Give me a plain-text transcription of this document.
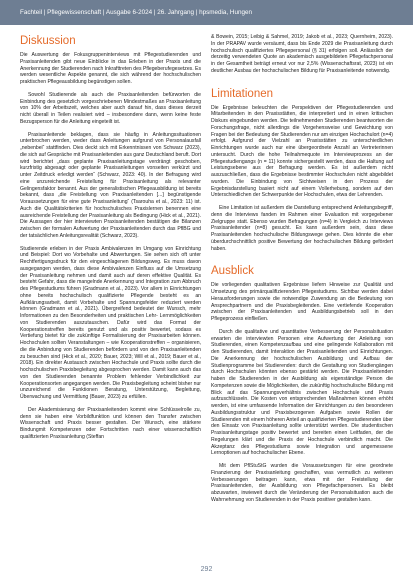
Fachteil | Pflegewissenschaft | Ausgabe 6-2024 | 26. Jahrgang | hpsmedia, Hungen
Diskussion

Die Auswertung der Fokusgruppeninterviews mit Pflegestudierenden und Praxisanleitenden gibt neue Einblicke in das Erleben in der Praxis und die Anerkennung der Studierenden nach Inkrafttreten des Pflegeberufegesetzes. Es werden wesentliche Aspekte genannt, die sich während der hochschulischen praktischen Pflegeausbildung begünstigen sollen.

Sowohl Studierende als auch die Praxisanleitenden befürworten die Einbindung des gesetzlich vorgeschriebenen Mindestmaßes an Praxisanleitung von 10% der Arbeitszeit, welches aber auch darauf hin, dass dieses derzeit nicht überall in Teilen realisiert wird – insbesondere dann, wenn keine feste Bezugsperson für die Anleitung eingeteilt ist.

Praxisanleitende beklagen, dass sie häufig in Anleitungssituationen unterbrochen werden, weder dass Anleitungen aufgrund von Personalausfall „nebenbei“ stattfinden. Dies deckt sich mit Erkenntnissen von Schwarz (2023), die sich auf Gespräche mit Praxisanleitenden aus ganz Deutschland beruft. Dort wird berichtet „dass geplante Praxisanleitungstage verdrängt geschoben, kurzfristig abgesagt oder geplante Praxisanleitungen vonseiten verkürzt und unter Zeitdruck erledigt werden“ (Schwarz, 2023: 40). In der Befragung wird eine unzureichende Freistellung für Praxisanleitung als relevanter Gelingensfaktor benannt. Aus der generalistischen Pflegeausbildung ist bereits bekannt, dass „die Freistellung von Praxisanleitenden [...] begünstigende Voraussetzungen für eine gute Praxisanleitung“ (Tsarouha et al., 2023: 11) ist. Auch die Qualitätskriterien für hochschulisches Praxislernen benennen eine ausreichende Freistellung der Praxisanleitung als Bedingung (Hick et al., 2021). Die Aussagen der hier interviewten Praxisanleitenden bestätigen die Bilanzen zwischen der formalen Aufwertung der Praxisanleitenden durch das PflBG und der tatsächlichen Anleitungsrealität (Schwarz, 2023).

Studierende erleben in der Praxis Ambivalenzen im Umgang von Einrichtung und Beispiel: Dort wo Vorbehalte und Abwertungen. Sie sehen sich oft unter Rechtfertigungsdruck für den eingeschlagenen Bildungsweg. Es muss davon ausgegangen werden, dass diese Ambivalenzen Einfluss auf die Umsetzung der Praxisanleitung nehmen und damit auch auf deren effektive Qualität. Es besteht Gefahr, dass die mangelnde Anerkennung und Integration zum Abbruch des Pflegestudiums führen (Gradmann et al., 2023). Vor allem in Einrichtungen ohne bereits hochschulisch qualifizierte Pflegende besteht es an Aufklärungsarbeit, damit Vorbehalte und Spannungsfelder reduziert werden können (Gradmann et al., 2021). Übergreifend bedeutet der Wunsch, mehr Informationen zu den Besonderheiten und praktischen Lehr- Lernmöglichkeiten von Studierenden auszutauschen. Dafür wird das Format der Kooperationstreffen bereits genutzt und als positiv bewertet, sodass es Vertiefung bietet für die zukünftige Formalisierung der Praxisarbeiten können. Hochschulen sollten Veranstaltungen – wie Kooperationstreffen – organisieren, die die Anbindung von Studierenden befördern und von den Praxisanleitenden zu besuchen sind (Hick et al., 2020; Bauer, 2023; Will et al., 2019; Bauer et al., 2018). Ein direkter Austausch zwischen Hochschule und Praxis sollte durch die hochschulischen Praxisbegleitung abgesprochen werden. Damit kann auch das von den Studierenden benannte Problem fehlender Verbindlichkeit zur Kooperationsorten angegangen werden. Die Praxisbegleitung scheint bisher nur unzureichend die Funktionen Beratung, Unterstützung, Begleitung, Überwachung und Vermittlung (Bauer, 2023) zu erfüllen.

Der Akademisierung der Praxisanleitenden kommt eine Schlüsselrolle zu, denn sie haben eine Vorbildfunktion und können den Transfer zwischen Wissenschaft und Praxis besser gestalten. Der Wunsch, eine stärkere Bindungmit Kompetenzen oder Fortschritten nach einer wissenschaftlich qualifizierten Praxisanleitung (Steffan

& Bowein, 2015; Leibig & Sahmel, 2019; Jakob et al., 2023; Quernheim, 2023). In der PRAPAV wurde versäumt, dass bis Ende 2029 die Praxisanleitung durch hochschulisch qualifiziertes Pflegepersonal (§ 31) erfolgen soll. Anlässlich der derzeitig verwendeten Quote an akademisch ausgebildeten Pflegefachpersonal in der Gesamtheit beträgt erneut vor nur 2,5% (Wissenschaftsrat, 2023) ist ein deutlicher Ausbau der hochschulischen Bildung für Praxisanleitende notwendig.

Limitationen

Die Ergebnisse beleuchten die Perspektiven der Pflegestudierenden und Mitarbeitenden in den Praxisstätten, die interpretiert und in einen kritischen Diskurs eingebunden werden. Die teilnehmenden Studierenden beantworten die Forschungsfrage, nicht allerdings die Vorgehensweise und Gewichtung von Fragen bei der Bedeutung der Studierenden nur am einzigen Hochschulort (n=4) erfolgt. Aufgrund der Vielzahl an Praxisstätten zu unterschiedlichen Einrichtungen wurde auch nur eine übergeordnete Anzahl an Vertreterinnen untersucht. Durch die hohe Teilnahmequote im Interviewprozess an der Pflegestudiengangs (n = 11) konnte sichergestellt werden, dass die Haltung auf Leistungsebene aus der Befragung werden. Es ist außerdem nicht auszuschließen, dass die Ergebnisse bestimmter Hochschulen nicht abgebildet wurden. Die Einbindung von Sichtweisen in den Prozess der Ergebnisdarstellung basiert nicht auf einem Vollerhebung, sondern auf den Unterschiedlichen der Schwerpunkte der Hochschulen, etwa der Lehrenden.

Eine Limitation ist außerdem die Darstellung entsprechend Anleitungsbegriff, denn die Interviews fanden im Rahmen einer Evaluation mit vorgegebener Zielgruppe statt. Ebenso wurden Befragungen (n=4) in Vergleich zu Interviews Praxisanleitender (n=8) gesucht. Es kann außerdem sein, dass diese Praxisanleitenden hochschulische Bildungswege gehen. Dies könnte die eher überdurchschnittlich positive Bewertung der hochschulischen Bildung gefördert haben.

Ausblick

Die vorliegenden qualitativen Ergebnisse liefern Hinweise zur Qualität und Umsetzung des primärqualifizierenden Pflegestudiums. Sichtbar werden dabei Herausforderungen sowie die notwendige Zuwendung an die Bedeutung von Ansprechpartnern und die Praxisbegleitenden. Eine vertiefende Kooperation zwischen der Praxisanleitenden und Ausbildungsbetrieb soll in den Pflegeprozess einfließen.

Durch die qualitative und quantitative Verbesserung der Personalsituation erwarten die interviewten Personen eine Aufwertung der Anleitung von Studierenden, einen Kompetenzaufbau und eine gelingende Kollaboration mit den Studierenden, damit Interaktion der Praxisanleitenden und Einrichtungen. Die Anerkennung der hochschulischen Ausbildung und Aufbau der Studienprogramme bei Studierenden: durch die Gestaltung von Studiengängen durch Hochschulen könnten ebenso gestärkt werden. Die Praxisanleitenden haben die Studierenden in der Ausbildung als eigenständige Person die Kompetenzen sowie die Möglichkeiten, die zukünftig hochschulische Bildung mit Blick auf das Spannungsverhältnis zwischen Hochschule und Praxis aufzuschlüsseln. Die Kosten von entsprechenden Maßnahmen können erhöht werden, ist eine umfassende Information der Einrichtungen zu den besonderen Ausbildungsstruktur und Praxisbezogenen Aufgaben sowie Rollen der Studierenden mit einem höheren Anteil an qualifizierten Pflegestudierenden über den Einsatz von Praxisanleitung sollte unterstützt werden. Die studentischen Praxisanleitungstage positiv bewertet und bereiten einen Leitfaden, der die Regelungen klärt und die Praxis der Hochschule verbindlich macht. Die Akzeptanz des Pflegestudiums sowie Integration und angemessene Lernoptionen auf hochschulischer Ebene.

Mit dem PflStuStG wurden die Voraussetzungen für eine geordnete Finanzierung der Praxisanleitung geschaffen, was vermutlich zu weiteren Verbesserungen beitragen kann, etwa mit der Freistellung der Praxisanleitenden, der Ausbildung von Pflegefachpersonen. Es bleibt abzuwarten, inwieweit durch die Veränderung der Personalsituation auch die Wahrnehmung von Studierenden in der Praxis positiver gestalten kann.

292
